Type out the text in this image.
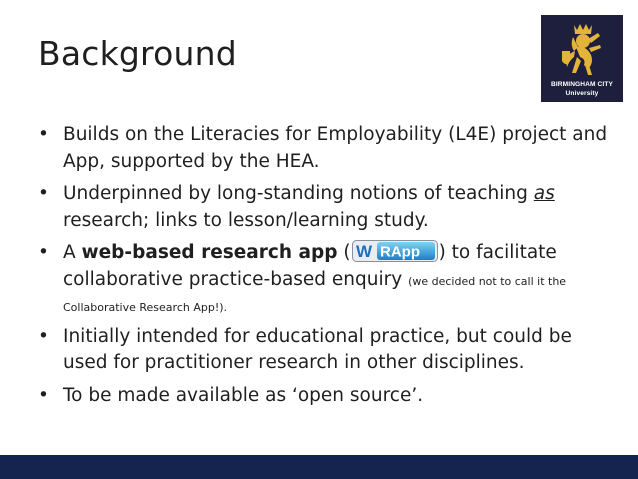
Background
BIRMINGHAM CITY
University
• Builds on the Literacies for Employability (L4E) project and App, supported by the HEA.
• Underpinned by long-standing notions of teaching as research; links to lesson/learning study.
• A web-based research app ( W RApp ) to facilitate collaborative practice-based enquiry (we decided not to call it the Collaborative Research App!).
• Initially intended for educational practice, but could be used for practitioner research in other disciplines.
• To be made available as ‘open source’.
